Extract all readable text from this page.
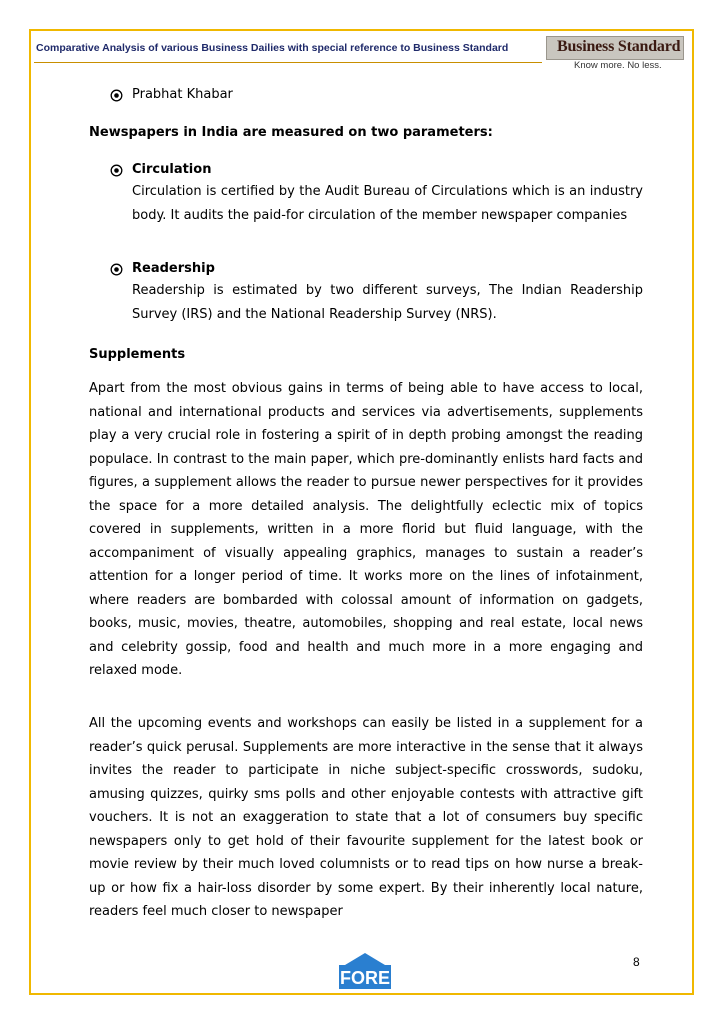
Comparative Analysis of various Business Dailies with special reference to Business Standard	Business Standard
Know more. No less.
Prabhat Khabar
Newspapers in India are measured on two parameters:
Circulation
Circulation is certified by the Audit Bureau of Circulations which is an industry body. It audits the paid-for circulation of the member newspaper companies
Readership
Readership is estimated by two different surveys, The Indian Readership Survey (IRS) and the National Readership Survey (NRS).
Supplements
Apart from the most obvious gains in terms of being able to have access to local, national and international products and services via advertisements, supplements play a very crucial role in fostering a spirit of in depth probing amongst the reading populace. In contrast to the main paper, which pre-dominantly enlists hard facts and figures, a supplement allows the reader to pursue newer perspectives for it provides the space for a more detailed analysis. The delightfully eclectic mix of topics covered in supplements, written in a more florid but fluid language, with the accompaniment of visually appealing graphics, manages to sustain a reader’s attention for a longer period of time. It works more on the lines of infotainment, where readers are bombarded with colossal amount of information on gadgets, books, music, movies, theatre, automobiles, shopping and real estate, local news and celebrity gossip, food and health and much more in a more engaging and relaxed mode.
All the upcoming events and workshops can easily be listed in a supplement for a reader’s quick perusal. Supplements are more interactive in the sense that it always invites the reader to participate in niche subject-specific crosswords, sudoku, amusing quizzes, quirky sms polls and other enjoyable contests with attractive gift vouchers. It is not an exaggeration to state that a lot of consumers buy specific newspapers only to get hold of their favourite supplement for the latest book or movie review by their much loved columnists or to read tips on how nurse a break-up or how fix a hair-loss disorder by some expert. By their inherently local nature, readers feel much closer to newspaper
FORE
8
